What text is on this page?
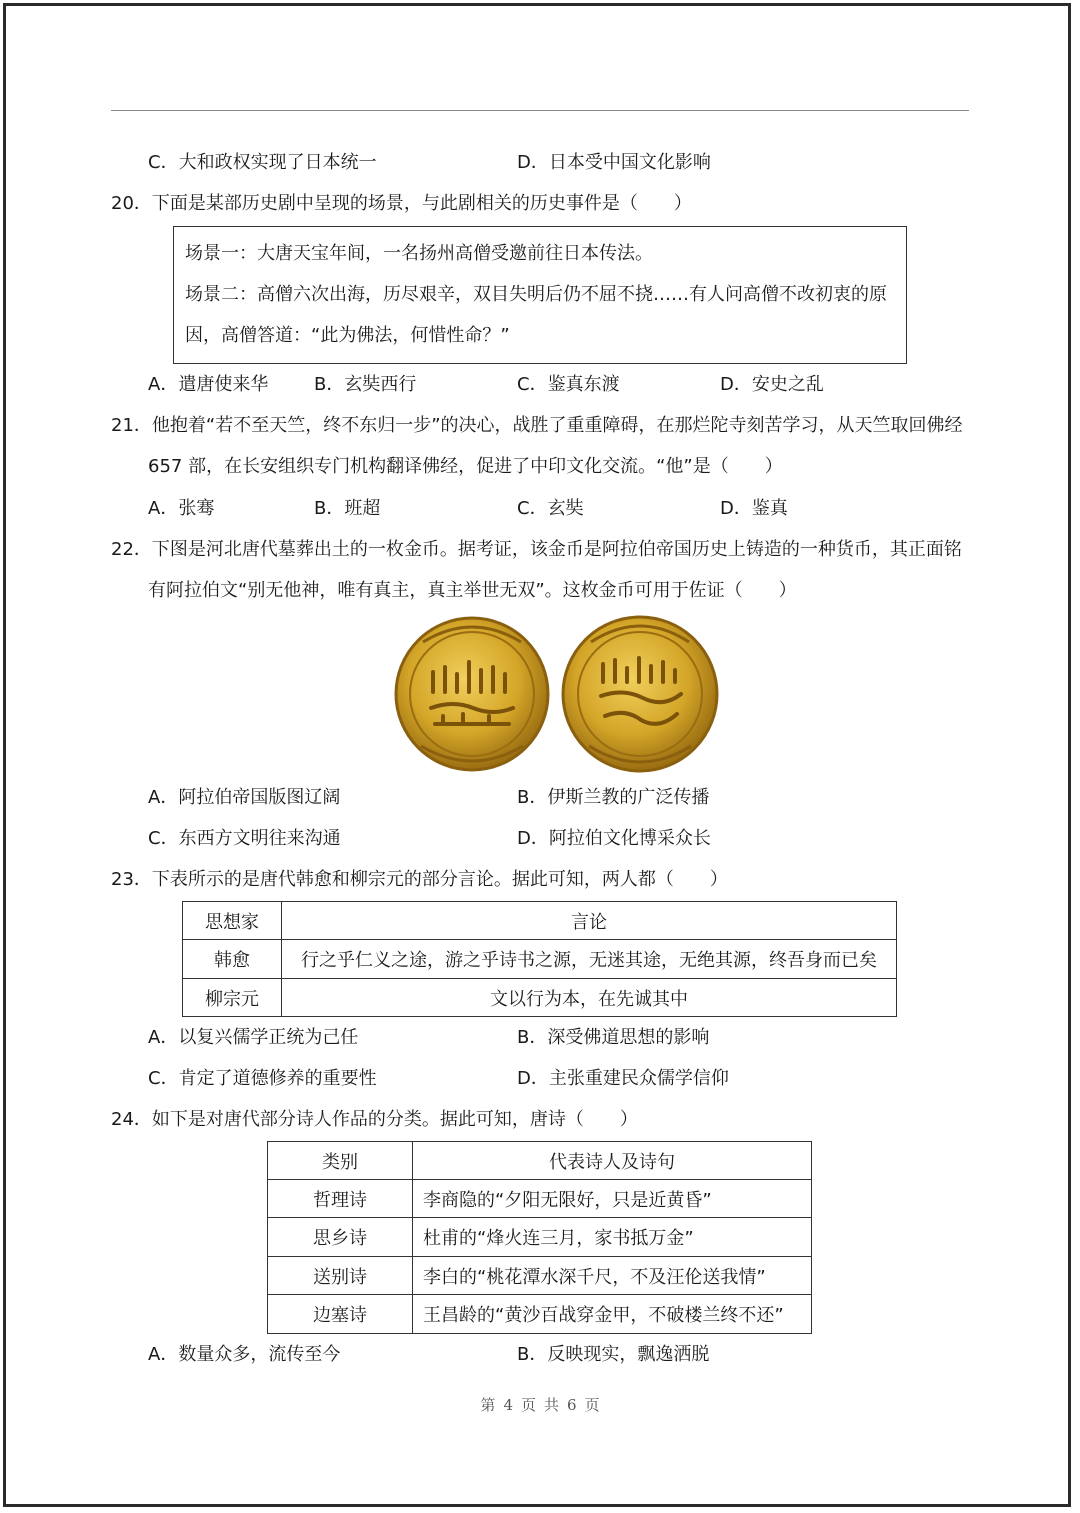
C．大和政权实现了日本统一	D．日本受中国文化影响
20．下面是某部历史剧中呈现的场景，与此剧相关的历史事件是（　　）
场景一：大唐天宝年间，一名扬州高僧受邀前往日本传法。
场景二：高僧六次出海，历尽艰辛，双目失明后仍不屈不挠……有人问高僧不改初衷的原
因，高僧答道：“此为佛法，何惜性命？”
A．遣唐使来华	B．玄奘西行	C．鉴真东渡	D．安史之乱
21．他抱着“若不至天竺，终不东归一步”的决心，战胜了重重障碍，在那烂陀寺刻苦学习，从天竺取回佛经
657 部，在长安组织专门机构翻译佛经，促进了中印文化交流。“他”是（　　）
A．张骞	B．班超	C．玄奘	D．鉴真
22．下图是河北唐代墓葬出土的一枚金币。据考证，该金币是阿拉伯帝国历史上铸造的一种货币，其正面铭
有阿拉伯文“别无他神，唯有真主，真主举世无双”。这枚金币可用于佐证（　　）
A．阿拉伯帝国版图辽阔	B．伊斯兰教的广泛传播
C．东西方文明往来沟通	D．阿拉伯文化博采众长
23．下表所示的是唐代韩愈和柳宗元的部分言论。据此可知，两人都（　　）
思想家	言论
韩愈	行之乎仁义之途，游之乎诗书之源，无迷其途，无绝其源，终吾身而已矣
柳宗元	文以行为本，在先诚其中
A．以复兴儒学正统为己任	B．深受佛道思想的影响
C．肯定了道德修养的重要性	D．主张重建民众儒学信仰
24．如下是对唐代部分诗人作品的分类。据此可知，唐诗（　　）
类别	代表诗人及诗句
哲理诗	李商隐的“夕阳无限好，只是近黄昏”
思乡诗	杜甫的“烽火连三月，家书抵万金”
送别诗	李白的“桃花潭水深千尺，不及汪伦送我情”
边塞诗	王昌龄的“黄沙百战穿金甲，不破楼兰终不还”
A．数量众多，流传至今	B．反映现实，飘逸洒脱
第 4 页 共 6 页
